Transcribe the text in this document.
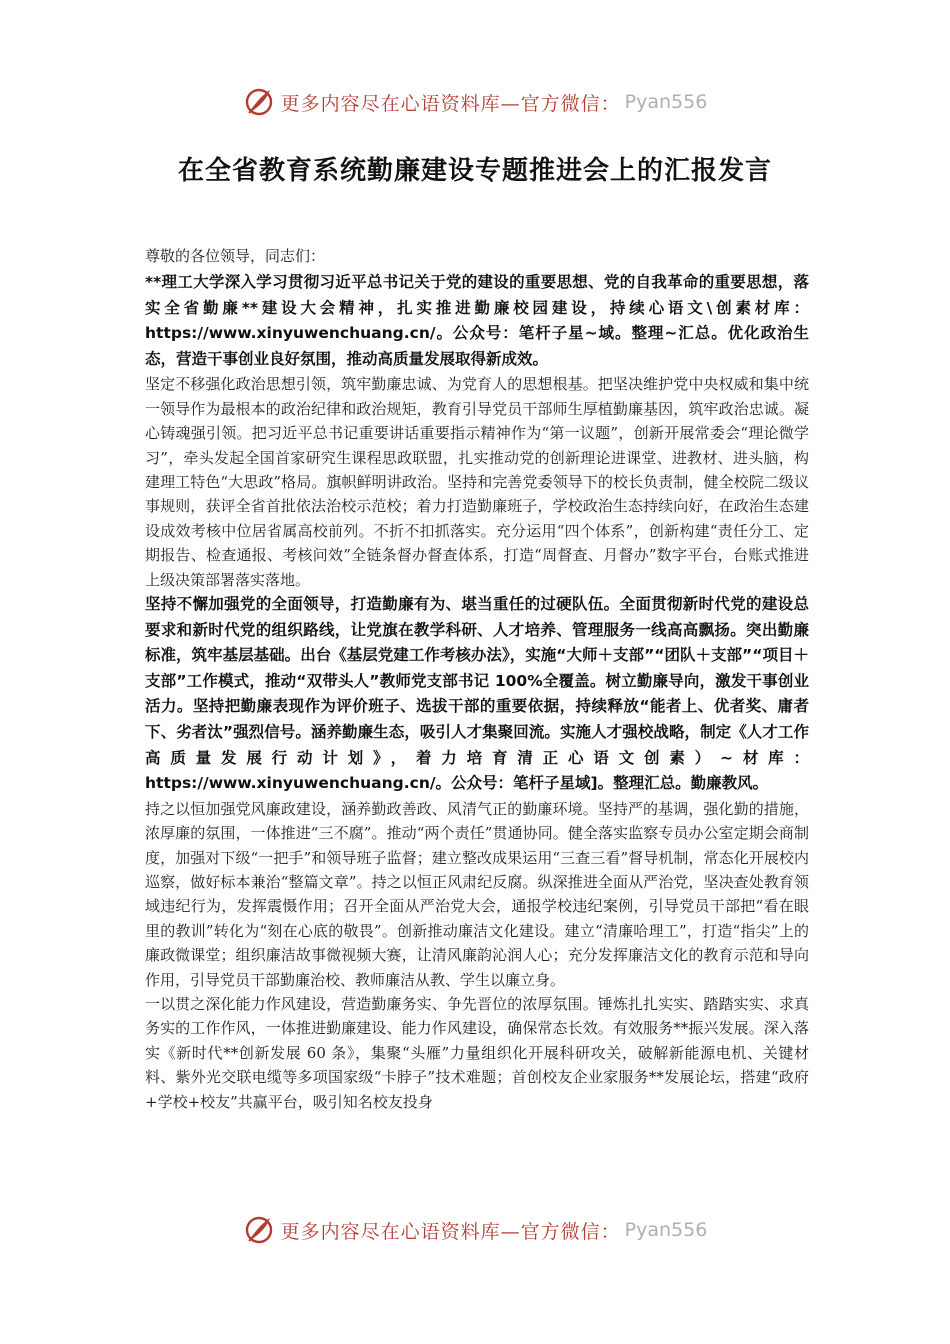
更多内容尽在心语资料库—官方微信： Pyan556
在全省教育系统勤廉建设专题推进会上的汇报发言

尊敬的各位领导，同志们：

**理工大学深入学习贯彻习近平总书记关于党的建设的重要思想、党的自我革命的重要思想，落实全省勤廉**建设大会精神，扎实推进勤廉校园建设，持续心语文\创素材库：https://www.xinyuwenchuang.cn/。公众号：笔杆子星~域。整理~汇总。优化政治生态，营造干事创业良好氛围，推动高质量发展取得新成效。

坚定不移强化政治思想引领，筑牢勤廉忠诚、为党育人的思想根基。把坚决维护党中央权威和集中统一领导作为最根本的政治纪律和政治规矩，教育引导党员干部师生厚植勤廉基因，筑牢政治忠诚。凝心铸魂强引领。把习近平总书记重要讲话重要指示精神作为“第一议题”，创新开展常委会“理论微学习”，牵头发起全国首家研究生课程思政联盟，扎实推动党的创新理论进课堂、进教材、进头脑，构建理工特色“大思政”格局。旗帜鲜明讲政治。坚持和完善党委领导下的校长负责制，健全校院二级议事规则，获评全省首批依法治校示范校；着力打造勤廉班子，学校政治生态持续向好，在政治生态建设成效考核中位居省属高校前列。不折不扣抓落实。充分运用“四个体系”，创新构建“责任分工、定期报告、检查通报、考核问效”全链条督办督查体系，打造“周督查、月督办”数字平台，台账式推进上级决策部署落实落地。

坚持不懈加强党的全面领导，打造勤廉有为、堪当重任的过硬队伍。全面贯彻新时代党的建设总要求和新时代党的组织路线，让党旗在教学科研、人才培养、管理服务一线高高飘扬。突出勤廉标准，筑牢基层基础。出台《基层党建工作考核办法》，实施“大师＋支部”“团队＋支部”“项目＋支部”工作模式，推动“双带头人”教师党支部书记 100%全覆盖。树立勤廉导向，激发干事创业活力。坚持把勤廉表现作为评价班子、选拔干部的重要依据，持续释放“能者上、优者奖、庸者下、劣者汰”强烈信号。涵养勤廉生态，吸引人才集聚回流。实施人才强校战略，制定《人才工作高质量发展行动计划》，着力培育清正心语文创素）~材库：https://www.xinyuwenchuang.cn/。公众号：笔杆子星域]。整理汇总。勤廉教风。

持之以恒加强党风廉政建设，涵养勤政善政、风清气正的勤廉环境。坚持严的基调，强化勤的措施，浓厚廉的氛围，一体推进“三不腐”。推动“两个责任”贯通协同。健全落实监察专员办公室定期会商制度，加强对下级“一把手”和领导班子监督；建立整改成果运用“三查三看”督导机制，常态化开展校内巡察，做好标本兼治“整篇文章”。持之以恒正风肃纪反腐。纵深推进全面从严治党，坚决查处教育领域违纪行为，发挥震慑作用；召开全面从严治党大会，通报学校违纪案例，引导党员干部把“看在眼里的教训”转化为“刻在心底的敬畏”。创新推动廉洁文化建设。建立“清廉哈理工”，打造“指尖”上的廉政微课堂；组织廉洁故事微视频大赛，让清风廉韵沁润人心；充分发挥廉洁文化的教育示范和导向作用，引导党员干部勤廉治校、教师廉洁从教、学生以廉立身。

一以贯之深化能力作风建设，营造勤廉务实、争先晋位的浓厚氛围。锤炼扎扎实实、踏踏实实、求真务实的工作作风，一体推进勤廉建设、能力作风建设，确保常态长效。有效服务**振兴发展。深入落实《新时代**创新发展 60 条》，集聚“头雁”力量组织化开展科研攻关，破解新能源电机、关键材料、紫外光交联电缆等多项国家级“卡脖子”技术难题；首创校友企业家服务**发展论坛，搭建“政府+学校+校友”共赢平台，吸引知名校友投身

更多内容尽在心语资料库—官方微信： Pyan556
